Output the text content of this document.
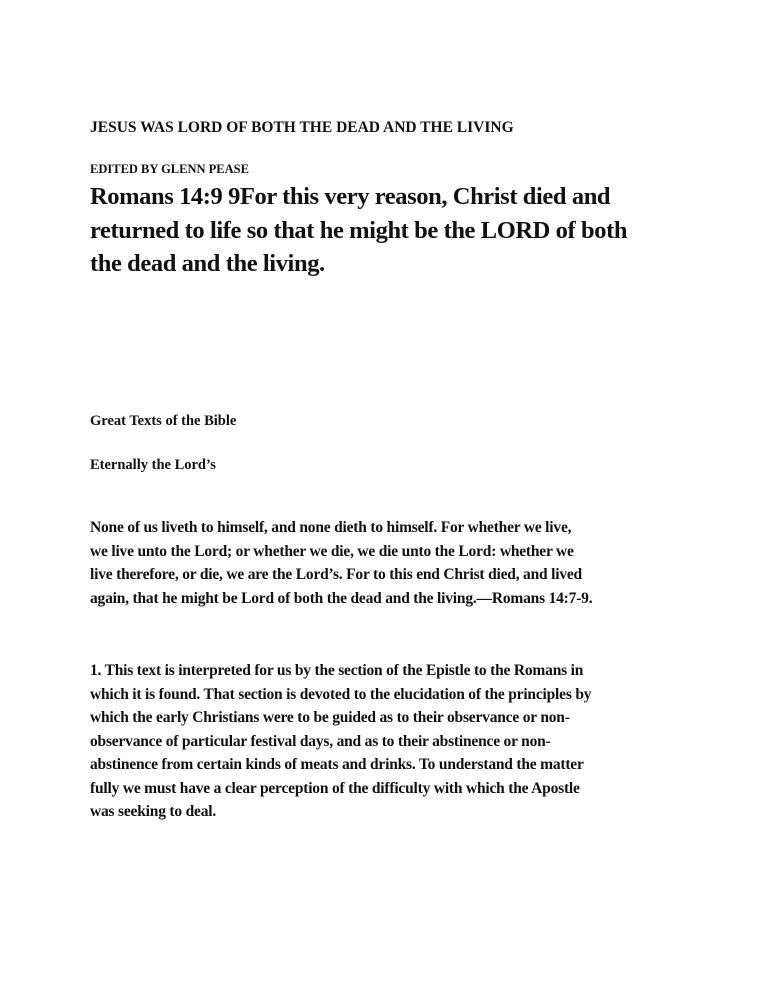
JESUS WAS LORD OF BOTH THE DEAD AND THE LIVING
EDITED BY GLENN PEASE
Romans 14:9 9For this very reason, Christ died and
returned to life so that he might be the LORD of both
the dead and the living.
Great Texts of the Bible
Eternally the Lord’s
None of us liveth to himself, and none dieth to himself. For whether we live,
we live unto the Lord; or whether we die, we die unto the Lord: whether we
live therefore, or die, we are the Lord’s. For to this end Christ died, and lived
again, that he might be Lord of both the dead and the living.—Romans 14:7-9.
1. This text is interpreted for us by the section of the Epistle to the Romans in
which it is found. That section is devoted to the elucidation of the principles by
which the early Christians were to be guided as to their observance or non-
observance of particular festival days, and as to their abstinence or non-
abstinence from certain kinds of meats and drinks. To understand the matter
fully we must have a clear perception of the difficulty with which the Apostle
was seeking to deal.
